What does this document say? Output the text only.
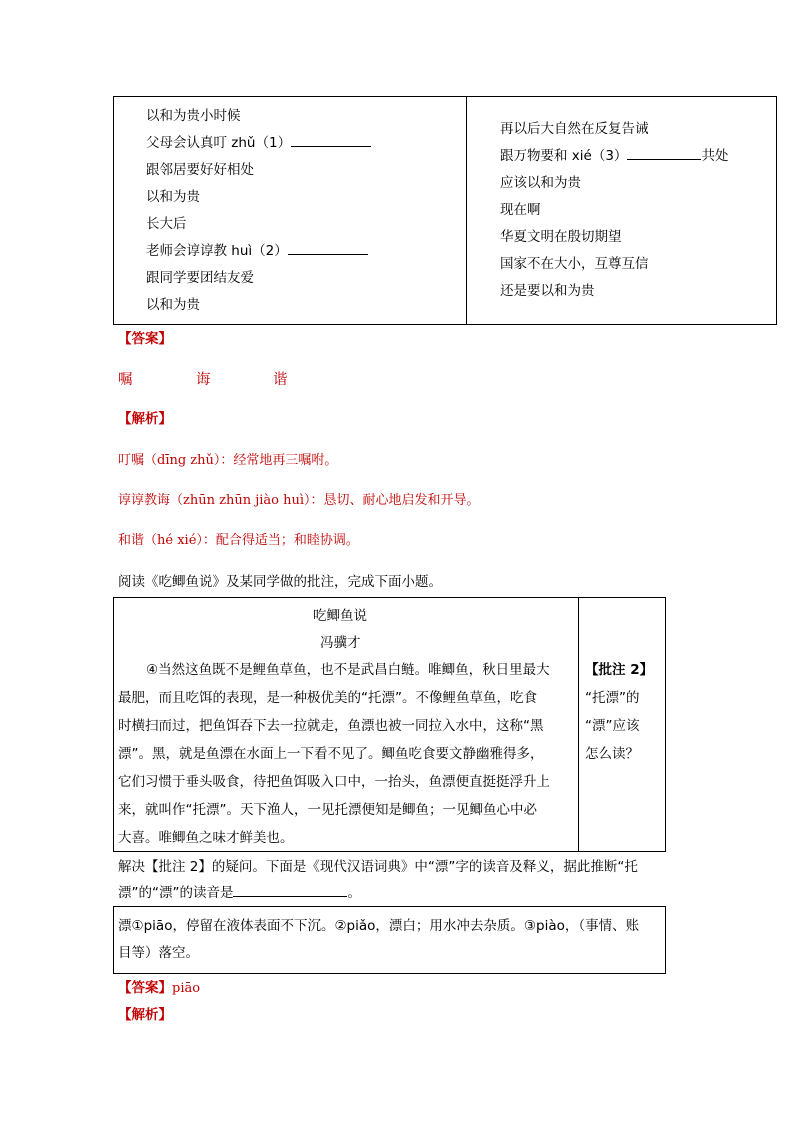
以和为贵小时候
父母会认真叮 zhǔ（1）
跟邻居要好好相处
以和为贵
长大后
老师会谆谆教 huì（2）
跟同学要团结友爱
以和为贵
再以后大自然在反复告诫
跟万物要和 xié（3）	共处
应该以和为贵
现在啊
华夏文明在殷切期望
国家不在大小，互尊互信
还是要以和为贵
【答案】
嘱	诲	谐
【解析】
叮嘱（dīng zhǔ）：经常地再三嘱咐。
谆谆教诲（zhūn zhūn jiào huì）：恳切、耐心地启发和开导。
和谐（hé xié）：配合得适当；和睦协调。
阅读《吃鲫鱼说》及某同学做的批注，完成下面小题。
吃鲫鱼说
冯骥才
④当然这鱼既不是鲤鱼草鱼，也不是武昌白鲢。唯鲫鱼，秋日里最大
最肥，而且吃饵的表现，是一种极优美的“托漂”。不像鲤鱼草鱼，吃食
时横扫而过，把鱼饵吞下去一拉就走，鱼漂也被一同拉入水中，这称“黑
漂”。黑，就是鱼漂在水面上一下看不见了。鲫鱼吃食要文静幽雅得多，
它们习惯于垂头吸食，待把鱼饵吸入口中，一抬头，鱼漂便直挺挺浮升上
来，就叫作“托漂”。天下渔人，一见托漂便知是鲫鱼；一见鲫鱼心中必
大喜。唯鲫鱼之味才鲜美也。
【批注 2】
“托漂”的
“漂”应该
怎么读？
解决【批注 2】的疑问。下面是《现代汉语词典》中“漂”字的读音及释义，据此推断“托
漂”的“漂”的读音是	。
漂①piāo，停留在液体表面不下沉。②piǎo，漂白；用水冲去杂质。③piào，（事情、账
目等）落空。
【答案】piāo
【解析】
